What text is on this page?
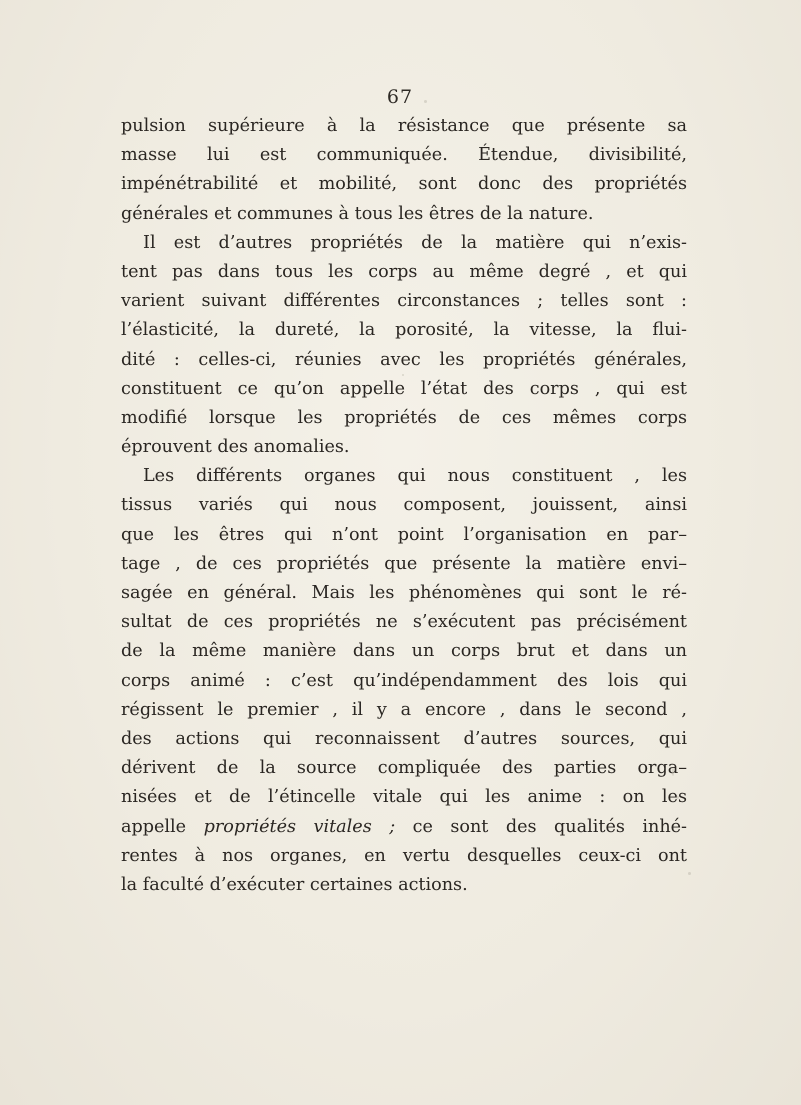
67
pulsion supérieure à la résistance que présente sa
masse lui est communiquée. Étendue, divisibilité,
impénétrabilité et mobilité, sont donc des propriétés
générales et communes à tous les êtres de la nature.
Il est d’autres propriétés de la matière qui n’exis-
tent pas dans tous les corps au même degré , et qui
varient suivant différentes circonstances ; telles sont :
l’élasticité, la dureté, la porosité, la vitesse, la flui-
dité : celles-ci, réunies avec les propriétés générales,
constituent ce qu’on appelle l’état des corps , qui est
modifié lorsque les propriétés de ces mêmes corps
éprouvent des anomalies.
Les différents organes qui nous constituent , les
tissus variés qui nous composent, jouissent, ainsi
que les êtres qui n’ont point l’organisation en par–
tage , de ces propriétés que présente la matière envi–
sagée en général. Mais les phénomènes qui sont le ré-
sultat de ces propriétés ne s’exécutent pas précisément
de la même manière dans un corps brut et dans un
corps animé : c’est qu’indépendamment des lois qui
régissent le premier , il y a encore , dans le second ,
des actions qui reconnaissent d’autres sources, qui
dérivent de la source compliquée des parties orga–
nisées et de l’étincelle vitale qui les anime : on les
appelle propriétés vitales ; ce sont des qualités inhé-
rentes à nos organes, en vertu desquelles ceux-ci ont
la faculté d’exécuter certaines actions.
